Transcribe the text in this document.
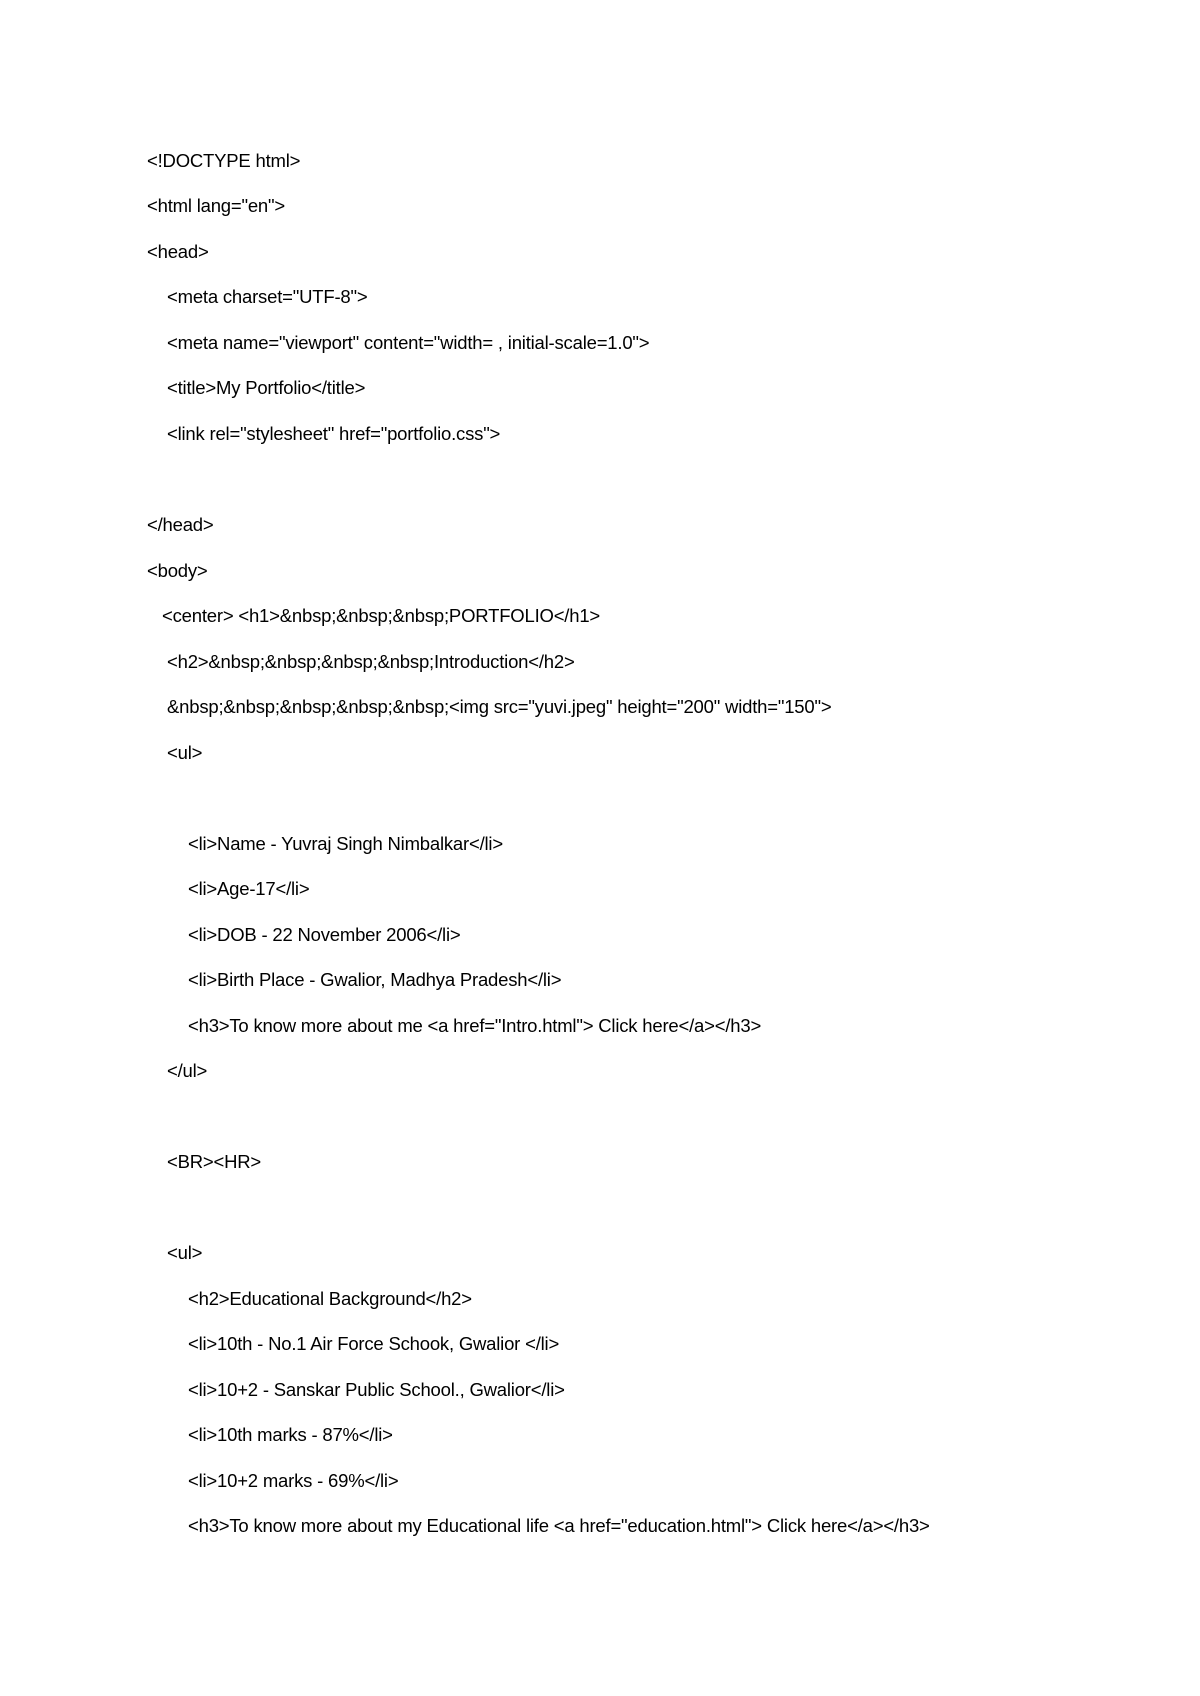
<!DOCTYPE html>
<html lang="en">
<head>
<meta charset="UTF-8">
<meta name="viewport" content="width= , initial-scale=1.0">
<title>My Portfolio</title>
<link rel="stylesheet" href="portfolio.css">
</head>
<body>
<center> <h1>&nbsp;&nbsp;&nbsp;PORTFOLIO</h1>
<h2>&nbsp;&nbsp;&nbsp;&nbsp;Introduction</h2>
&nbsp;&nbsp;&nbsp;&nbsp;&nbsp;<img src="yuvi.jpeg" height="200" width="150">
<ul>
<li>Name - Yuvraj Singh Nimbalkar</li>
<li>Age-17</li>
<li>DOB - 22 November 2006</li>
<li>Birth Place - Gwalior, Madhya Pradesh</li>
<h3>To know more about me <a href="Intro.html"> Click here</a></h3>
</ul>
<BR><HR>
<ul>
<h2>Educational Background</h2>
<li>10th - No.1 Air Force Schook, Gwalior </li>
<li>10+2 - Sanskar Public School., Gwalior</li>
<li>10th marks - 87%</li>
<li>10+2 marks - 69%</li>
<h3>To know more about my Educational life <a href="education.html"> Click here</a></h3>
